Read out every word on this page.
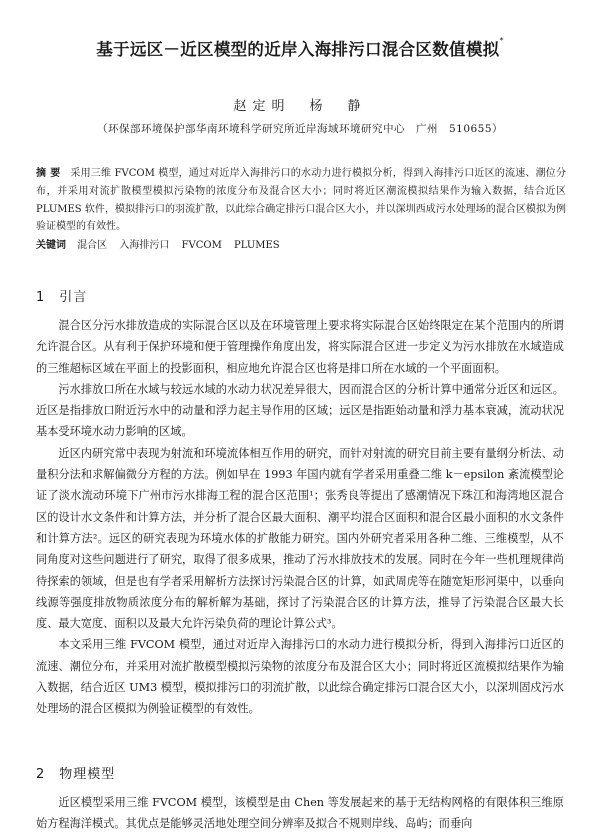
基于远区－近区模型的近岸入海排污口混合区数值模拟*
赵定明　杨　静
（环保部环境保护部华南环境科学研究所近岸海域环境研究中心　广州　510655）
摘要 采用三维 FVCOM 模型，通过对近岸入海排污口的水动力进行模拟分析，得到入海排污口近区的流速、潮位分布，并采用对流扩散模型模拟污染物的浓度分布及混合区大小；同时将近区潮流模拟结果作为输入数据，结合近区 PLUMES 软件，模拟排污口的羽流扩散，以此综合确定排污口混合区大小，并以深圳西成污水处理场的混合区模拟为例验证模型的有效性。
关键词 混合区 入海排污口 FVCOM PLUMES
1 引言

混合区分污水排放造成的实际混合区以及在环境管理上要求将实际混合区始终限定在某个范围内的所谓允许混合区。从有利于保护环境和便于管理操作角度出发，将实际混合区进一步定义为污水排放在水域造成的三维超标区域在平面上的投影面积，相应地允许混合区也将是排口所在水域的一个平面面积。

污水排放口所在水域与较远水域的水动力状况差异很大，因而混合区的分析计算中通常分近区和远区。近区是指排放口附近污水中的动量和浮力起主导作用的区域；远区是指距始动量和浮力基本衰减，流动状况基本受环境水动力影响的区域。

近区内研究常中表现为射流和环境流体相互作用的研究，而针对射流的研究目前主要有量纲分析法、动量积分法和求解偏微分方程的方法。例如早在 1993 年国内就有学者采用重叠二维 k－epsilon 紊流模型论证了淡水流动环境下广州市污水排海工程的混合区范围¹；张秀良等提出了感潮情况下珠江和海湾地区混合区的设计水文条件和计算方法，并分析了混合区最大面积、潮平均混合区面积和混合区最小面积的水文条件和计算方法²。远区的研究表现为环境水体的扩散能力研究。国内外研究者采用各种二维、三维模型，从不同角度对这些问题进行了研究，取得了很多成果，推动了污水排放技术的发展。同时在今年一些机理规律尚待探索的领域，但是也有学者采用解析方法探讨污染混合区的计算，如武周虎等在随宽矩形河渠中，以垂向线源等强度排放物质浓度分布的解析解为基础，探讨了污染混合区的计算方法，推导了污染混合区最大长度、最大宽度、面积以及最大允许污染负荷的理论计算公式³。

本文采用三维 FVCOM 模型，通过对近岸入海排污口的水动力进行模拟分析，得到入海排污口近区的流速、潮位分布，并采用对流扩散模型模拟污染物的浓度分布及混合区大小；同时将近区流模拟结果作为输入数据，结合近区 UM3 模型，模拟排污口的羽流扩散，以此综合确定排污口混合区大小，以深圳固戍污水处理场的混合区模拟为例验证模型的有效性。

2 物理模型

近区模型采用三维 FVCOM 模型，该模型是由 Chen 等发展起来的基于无结构网格的有限体积三维原始方程海洋模式。其优点是能够灵活地处理空间分辨率及拟合不规则岸线、岛屿；而垂向
